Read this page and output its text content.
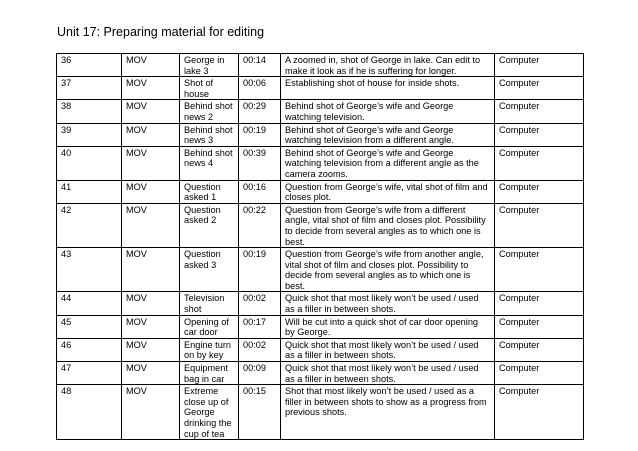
Unit 17: Preparing material for editing
36	MOV	George in lake 3	00:14	A zoomed in, shot of George in lake. Can edit to make it look as if he is suffering for longer.	Computer
37	MOV	Shot of house	00:06	Establishing shot of house for inside shots.	Computer
38	MOV	Behind shot news 2	00:29	Behind shot of George’s wife and George watching television.	Computer
39	MOV	Behind shot news 3	00:19	Behind shot of George’s wife and George watching television from a different angle.	Computer
40	MOV	Behind shot news 4	00:39	Behind shot of George’s wife and George watching television from a different angle as the camera zooms.	Computer
41	MOV	Question asked 1	00:16	Question from George’s wife, vital shot of film and closes plot.	Computer
42	MOV	Question asked 2	00:22	Question from George’s wife from a different angle, vital shot of film and closes plot. Possibility to decide from several angles as to which one is best.	Computer
43	MOV	Question asked 3	00:19	Question from George’s wife from another angle, vital shot of film and closes plot. Possibility to decide from several angles as to which one is best.	Computer
44	MOV	Television shot	00:02	Quick shot that most likely won’t be used / used as a filler in between shots.	Computer
45	MOV	Opening of car door	00:17	Will be cut into a quick shot of car door opening by George.	Computer
46	MOV	Engine turn on by key	00:02	Quick shot that most likely won’t be used / used as a filler in between shots.	Computer
47	MOV	Equipment bag in car	00:09	Quick shot that most likely won’t be used / used as a filler in between shots.	Computer
48	MOV	Extreme close up of George drinking the cup of tea	00:15	Shot that most likely won’t be used / used as a filler in between shots to show as a progress from previous shots.	Computer
